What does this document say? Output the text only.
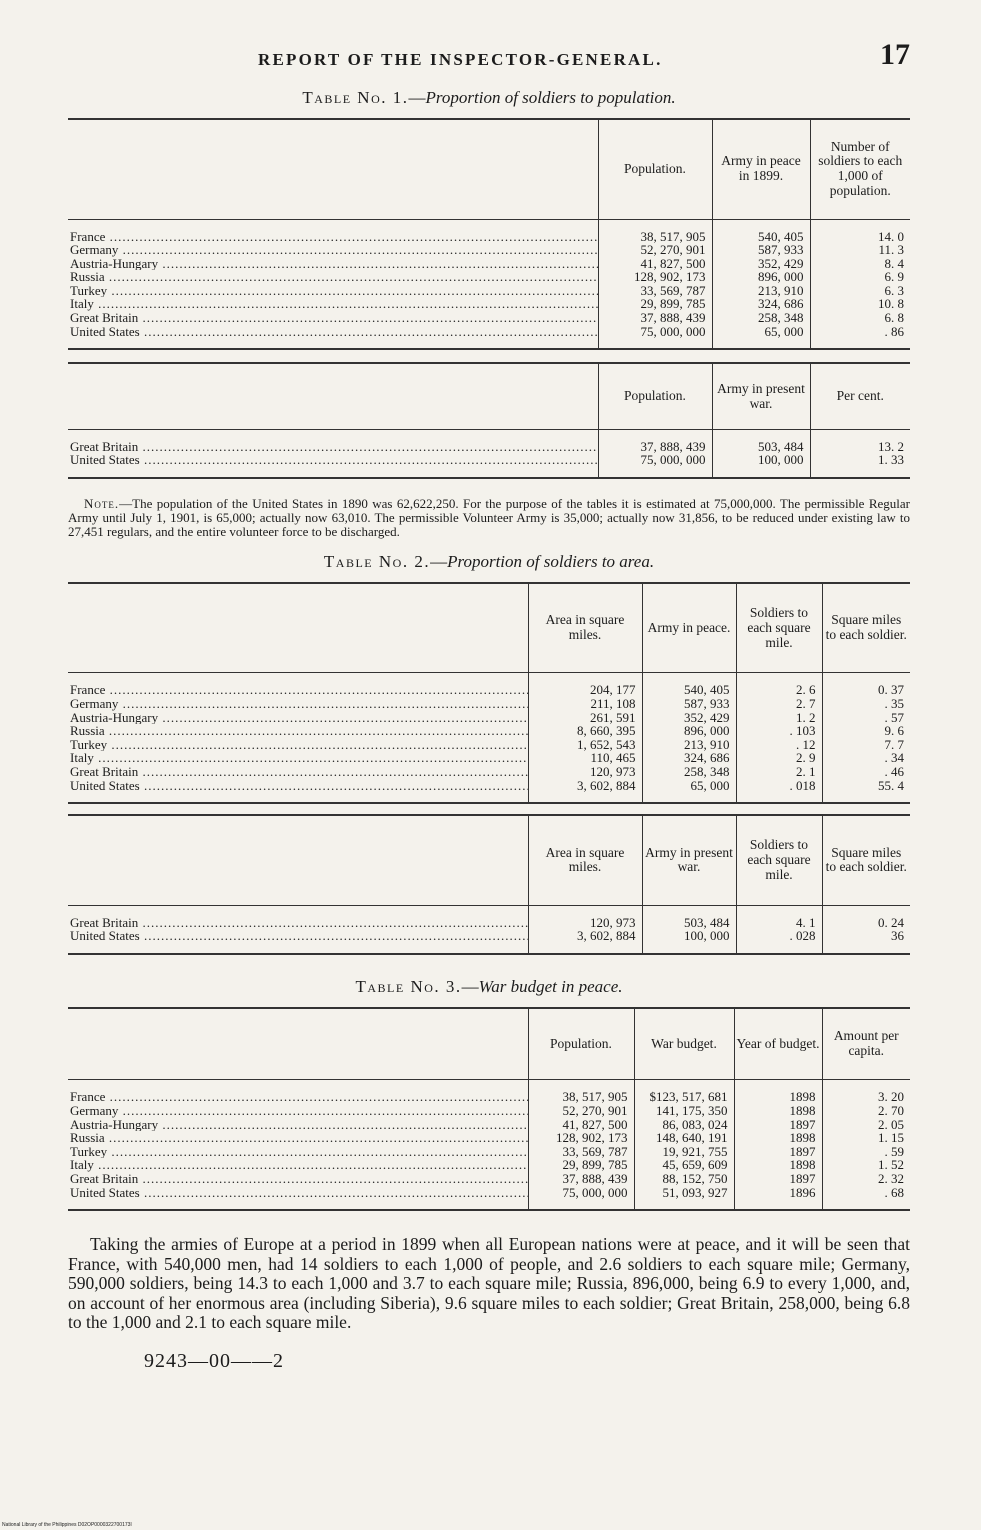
REPORT OF THE INSPECTOR-GENERAL.	17
Table No. 1.—Proportion of soldiers to population.
	Population.	Army in peace in 1899.	Number of soldiers to each 1,000 of population.
France .....	38, 517, 905	540, 405	14. 0
Germany .....	52, 270, 901	587, 933	11. 3
Austria-Hungary .....	41, 827, 500	352, 429	8. 4
Russia .....	128, 902, 173	896, 000	6. 9
Turkey .....	33, 569, 787	213, 910	6. 3
Italy .....	29, 899, 785	324, 686	10. 8
Great Britain .....	37, 888, 439	258, 348	6. 8
United States .....	75, 000, 000	65, 000	. 86
	Population.	Army in present war.	Per cent.
Great Britain .....	37, 888, 439	503, 484	13. 2
United States .....	75, 000, 000	100, 000	1. 33

Note.—The population of the United States in 1890 was 62,622,250. For the purpose of the tables it is estimated at 75,000,000. The permissible Regular Army until July 1, 1901, is 65,000; actually now 63,010. The permissible Volunteer Army is 35,000; actually now 31,856, to be reduced under existing law to 27,451 regulars, and the entire volunteer force to be discharged.

Table No. 2.—Proportion of soldiers to area.
	Area in square miles.	Army in peace.	Soldiers to each square mile.	Square miles to each soldier.
France .....	204, 177	540, 405	2. 6	0. 37
Germany .....	211, 108	587, 933	2. 7	. 35
Austria-Hungary .....	261, 591	352, 429	1. 2	. 57
Russia .....	8, 660, 395	896, 000	. 103	9. 6
Turkey .....	1, 652, 543	213, 910	. 12	7. 7
Italy .....	110, 465	324, 686	2. 9	. 34
Great Britain .....	120, 973	258, 348	2. 1	. 46
United States .....	3, 602, 884	65, 000	. 018	55. 4
	Area in square miles.	Army in present war.	Soldiers to each square mile.	Square miles to each soldier.
Great Britain .....	120, 973	503, 484	4. 1	0. 24
United States .....	3, 602, 884	100, 000	. 028	36
Table No. 3.—War budget in peace.
	Population.	War budget.	Year of budget.	Amount per capita.
France .....	38, 517, 905	$123, 517, 681	1898	3. 20
Germany .....	52, 270, 901	141, 175, 350	1898	2. 70
Austria-Hungary .....	41, 827, 500	86, 083, 024	1897	2. 05
Russia .....	128, 902, 173	148, 640, 191	1898	1. 15
Turkey .....	33, 569, 787	19, 921, 755	1897	. 59
Italy .....	29, 899, 785	45, 659, 609	1898	1. 52
Great Britain .....	37, 888, 439	88, 152, 750	1897	2. 32
United States .....	75, 000, 000	51, 093, 927	1896	. 68

Taking the armies of Europe at a period in 1899 when all European nations were at peace, and it will be seen that France, with 540,000 men, had 14 soldiers to each 1,000 of people, and 2.6 soldiers to each square mile; Germany, 590,000 soldiers, being 14.3 to each 1,000 and 3.7 to each square mile; Russia, 896,000, being 6.9 to every 1,000, and, on account of her enormous area (including Siberia), 9.6 square miles to each soldier; Great Britain, 258,000, being 6.8 to the 1,000 and 2.1 to each square mile.

9243—00——2
National Library of the Philippines D02OP0000322700173I
